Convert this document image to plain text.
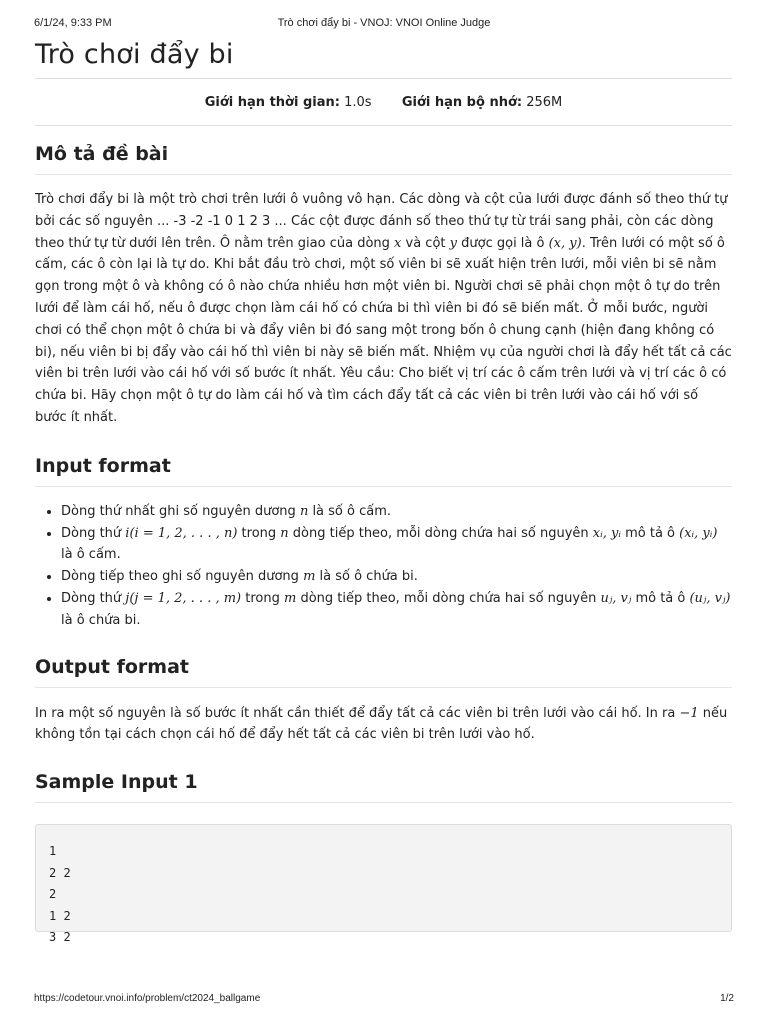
6/1/24, 9:33 PM	Trò chơi đẩy bi - VNOJ: VNOI Online Judge
Trò chơi đẩy bi
Giới hạn thời gian: 1.0s Giới hạn bộ nhớ: 256M
Mô tả đề bài

Trò chơi đẩy bi là một trò chơi trên lưới ô vuông vô hạn. Các dòng và cột của lưới được đánh số theo thứ tự bởi các số nguyên ... -3 -2 -1 0 1 2 3 ... Các cột được đánh số theo thứ tự từ trái sang phải, còn các dòng theo thứ tự từ dưới lên trên. Ô nằm trên giao của dòng x và cột y được gọi là ô (x, y). Trên lưới có một số ô cấm, các ô còn lại là tự do. Khi bắt đầu trò chơi, một số viên bi sẽ xuất hiện trên lưới, mỗi viên bi sẽ nằm gọn trong một ô và không có ô nào chứa nhiều hơn một viên bi. Người chơi sẽ phải chọn một ô tự do trên lưới để làm cái hố, nếu ô được chọn làm cái hố có chứa bi thì viên bi đó sẽ biến mất. Ở mỗi bước, người chơi có thể chọn một ô chứa bi và đẩy viên bi đó sang một trong bốn ô chung cạnh (hiện đang không có bi), nếu viên bi bị đẩy vào cái hố thì viên bi này sẽ biến mất. Nhiệm vụ của người chơi là đẩy hết tất cả các viên bi trên lưới vào cái hố với số bước ít nhất. Yêu cầu: Cho biết vị trí các ô cấm trên lưới và vị trí các ô có chứa bi. Hãy chọn một ô tự do làm cái hố và tìm cách đẩy tất cả các viên bi trên lưới vào cái hố với số bước ít nhất.

Input format
• Dòng thứ nhất ghi số nguyên dương n là số ô cấm.
• Dòng thứ i(i = 1, 2, . . . , n) trong n dòng tiếp theo, mỗi dòng chứa hai số nguyên xᵢ, yᵢ mô tả ô (xᵢ, yᵢ) là ô cấm.
• Dòng tiếp theo ghi số nguyên dương m là số ô chứa bi.
• Dòng thứ j(j = 1, 2, . . . , m) trong m dòng tiếp theo, mỗi dòng chứa hai số nguyên uⱼ, vⱼ mô tả ô (uⱼ, vⱼ) là ô chứa bi.
Output format

In ra một số nguyên là số bước ít nhất cần thiết để đẩy tất cả các viên bi trên lưới vào cái hố. In ra −1 nếu không tồn tại cách chọn cái hố để đẩy hết tất cả các viên bi trên lưới vào hố.

Sample Input 1
1
2 2
2
1 2
3 2
https://codetour.vnoi.info/problem/ct2024_ballgame	1/2
